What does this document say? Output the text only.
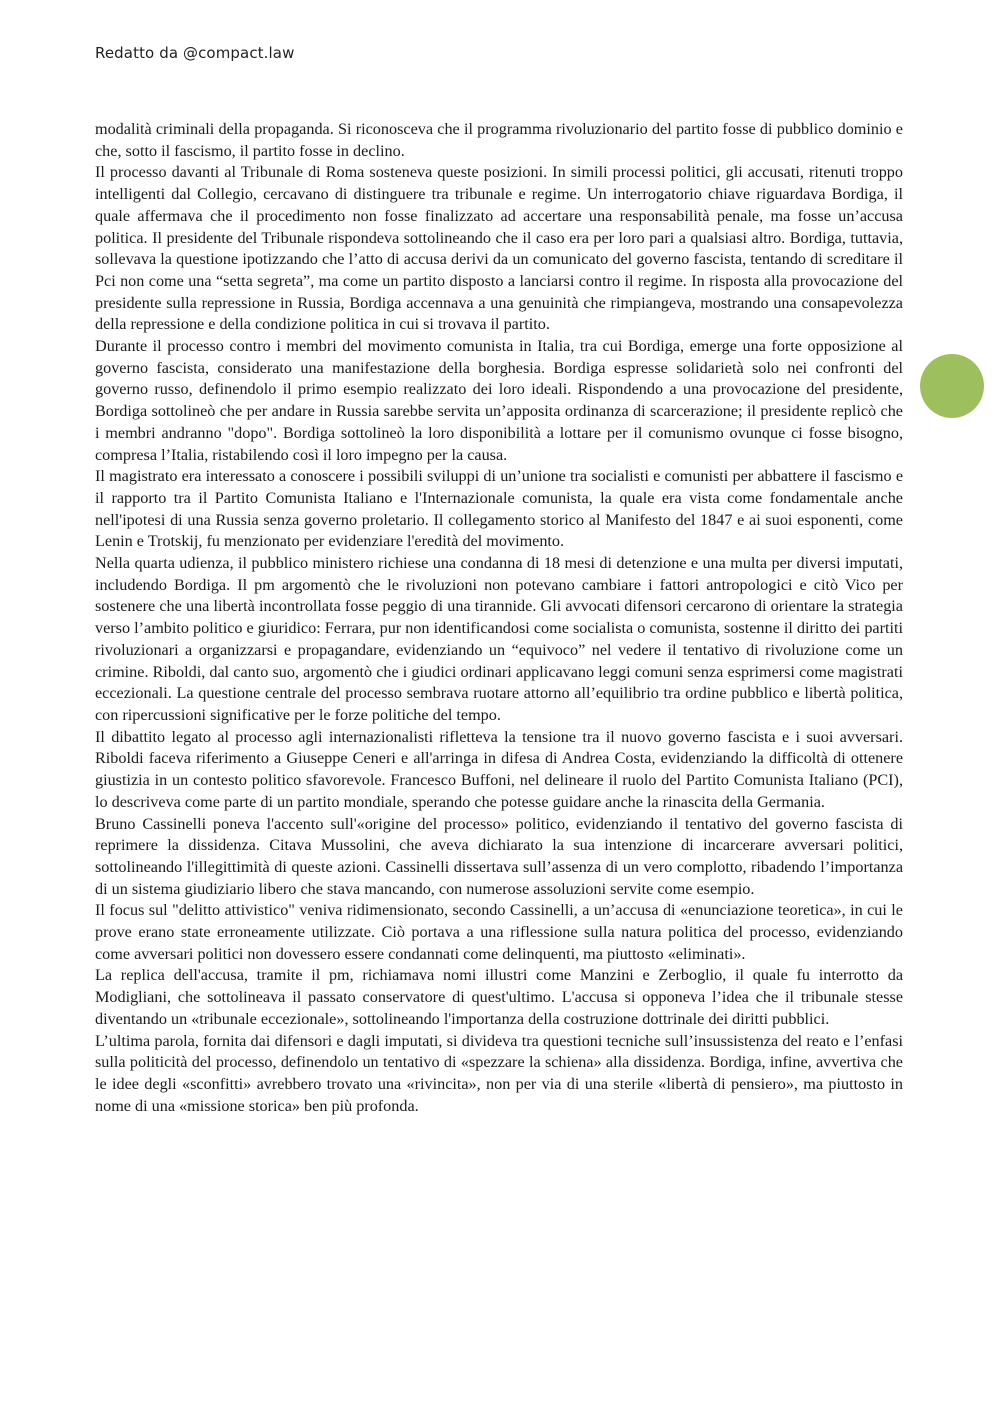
Redatto da @compact.law

modalità criminali della propaganda. Si riconosceva che il programma rivoluzionario del partito fosse di pubblico dominio e che, sotto il fascismo, il partito fosse in declino.

Il processo davanti al Tribunale di Roma sosteneva queste posizioni. In simili processi politici, gli accusati, ritenuti troppo intelligenti dal Collegio, cercavano di distinguere tra tribunale e regime. Un interrogatorio chiave riguardava Bordiga, il quale affermava che il procedimento non fosse finalizzato ad accertare una responsabilità penale, ma fosse un’accusa politica. Il presidente del Tribunale rispondeva sottolineando che il caso era per loro pari a qualsiasi altro. Bordiga, tuttavia, sollevava la questione ipotizzando che l’atto di accusa derivi da un comunicato del governo fascista, tentando di screditare il Pci non come una “setta segreta”, ma come un partito disposto a lanciarsi contro il regime. In risposta alla provocazione del presidente sulla repressione in Russia, Bordiga accennava a una genuinità che rimpiangeva, mostrando una consapevolezza della repressione e della condizione politica in cui si trovava il partito.

Durante il processo contro i membri del movimento comunista in Italia, tra cui Bordiga, emerge una forte opposizione al governo fascista, considerato una manifestazione della borghesia. Bordiga espresse solidarietà solo nei confronti del governo russo, definendolo il primo esempio realizzato dei loro ideali. Rispondendo a una provocazione del presidente, Bordiga sottolineò che per andare in Russia sarebbe servita un’apposita ordinanza di scarcerazione; il presidente replicò che i membri andranno "dopo". Bordiga sottolineò la loro disponibilità a lottare per il comunismo ovunque ci fosse bisogno, compresa l’Italia, ristabilendo così il loro impegno per la causa.

Il magistrato era interessato a conoscere i possibili sviluppi di un’unione tra socialisti e comunisti per abbattere il fascismo e il rapporto tra il Partito Comunista Italiano e l'Internazionale comunista, la quale era vista come fondamentale anche nell'ipotesi di una Russia senza governo proletario. Il collegamento storico al Manifesto del 1847 e ai suoi esponenti, come Lenin e Trotskij, fu menzionato per evidenziare l'eredità del movimento.

Nella quarta udienza, il pubblico ministero richiese una condanna di 18 mesi di detenzione e una multa per diversi imputati, includendo Bordiga. Il pm argomentò che le rivoluzioni non potevano cambiare i fattori antropologici e citò Vico per sostenere che una libertà incontrollata fosse peggio di una tirannide. Gli avvocati difensori cercarono di orientare la strategia verso l’ambito politico e giuridico: Ferrara, pur non identificandosi come socialista o comunista, sostenne il diritto dei partiti rivoluzionari a organizzarsi e propagandare, evidenziando un “equivoco” nel vedere il tentativo di rivoluzione come un crimine. Riboldi, dal canto suo, argomentò che i giudici ordinari applicavano leggi comuni senza esprimersi come magistrati eccezionali. La questione centrale del processo sembrava ruotare attorno all’equilibrio tra ordine pubblico e libertà politica, con ripercussioni significative per le forze politiche del tempo.

Il dibattito legato al processo agli internazionalisti rifletteva la tensione tra il nuovo governo fascista e i suoi avversari. Riboldi faceva riferimento a Giuseppe Ceneri e all'arringa in difesa di Andrea Costa, evidenziando la difficoltà di ottenere giustizia in un contesto politico sfavorevole. Francesco Buffoni, nel delineare il ruolo del Partito Comunista Italiano (PCI), lo descriveva come parte di un partito mondiale, sperando che potesse guidare anche la rinascita della Germania.

Bruno Cassinelli poneva l'accento sull'«origine del processo» politico, evidenziando il tentativo del governo fascista di reprimere la dissidenza. Citava Mussolini, che aveva dichiarato la sua intenzione di incarcerare avversari politici, sottolineando l'illegittimità di queste azioni. Cassinelli dissertava sull’assenza di un vero complotto, ribadendo l’importanza di un sistema giudiziario libero che stava mancando, con numerose assoluzioni servite come esempio.

Il focus sul "delitto attivistico" veniva ridimensionato, secondo Cassinelli, a un’accusa di «enunciazione teoretica», in cui le prove erano state erroneamente utilizzate. Ciò portava a una riflessione sulla natura politica del processo, evidenziando come avversari politici non dovessero essere condannati come delinquenti, ma piuttosto «eliminati».

La replica dell'accusa, tramite il pm, richiamava nomi illustri come Manzini e Zerboglio, il quale fu interrotto da Modigliani, che sottolineava il passato conservatore di quest'ultimo. L'accusa si opponeva l’idea che il tribunale stesse diventando un «tribunale eccezionale», sottolineando l'importanza della costruzione dottrinale dei diritti pubblici.

L’ultima parola, fornita dai difensori e dagli imputati, si divideva tra questioni tecniche sull’insussistenza del reato e l’enfasi sulla politicità del processo, definendolo un tentativo di «spezzare la schiena» alla dissidenza. Bordiga, infine, avvertiva che le idee degli «sconfitti» avrebbero trovato una «rivincita», non per via di una sterile «libertà di pensiero», ma piuttosto in nome di una «missione storica» ben più profonda.
